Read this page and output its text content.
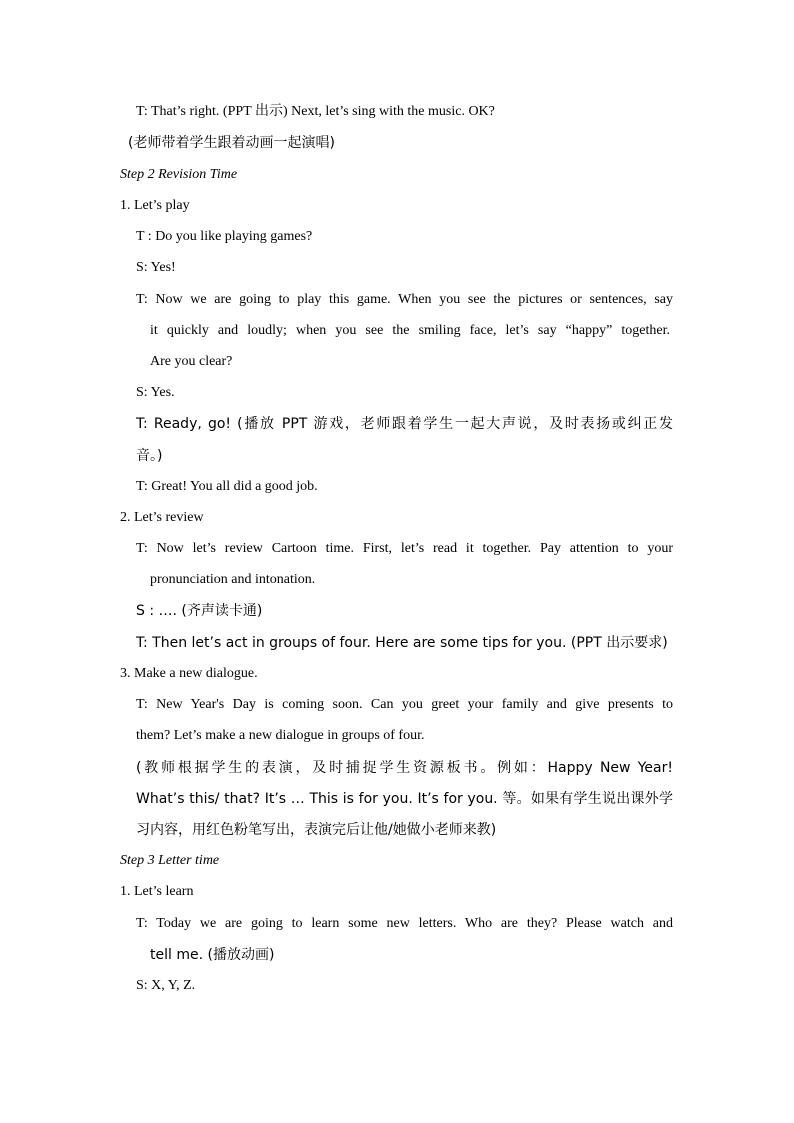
T: That’s right. (PPT 出示) Next, let’s sing with the music. OK?
(老师带着学生跟着动画一起演唱)
Step 2 Revision Time
1. Let’s play
T : Do you like playing games?
S: Yes!
T: Now we are going to play this game. When you see the pictures or sentences, say
it quickly and loudly; when you see the smiling face, let’s say “happy” together.
Are you clear?
S: Yes.
T: Ready, go! (播放 PPT 游戏，老师跟着学生一起大声说，及时表扬或纠正发
音。)
T: Great! You all did a good job.
2. Let’s review
T: Now let’s review Cartoon time. First, let’s read it together. Pay attention to your
pronunciation and intonation.
S : …. (齐声读卡通)
T: Then let’s act in groups of four. Here are some tips for you. (PPT 出示要求)
3. Make a new dialogue.
T: New Year's Day is coming soon. Can you greet your family and give presents to
them? Let’s make a new dialogue in groups of four.
(教师根据学生的表演，及时捕捉学生资源板书。例如：Happy New Year!
What’s this/ that? It’s … This is for you. It’s for you. 等。如果有学生说出课外学
习内容，用红色粉笔写出，表演完后让他/她做小老师来教)
Step 3 Letter time
1. Let’s learn
T: Today we are going to learn some new letters. Who are they? Please watch and
tell me. (播放动画)
S: X, Y, Z.
